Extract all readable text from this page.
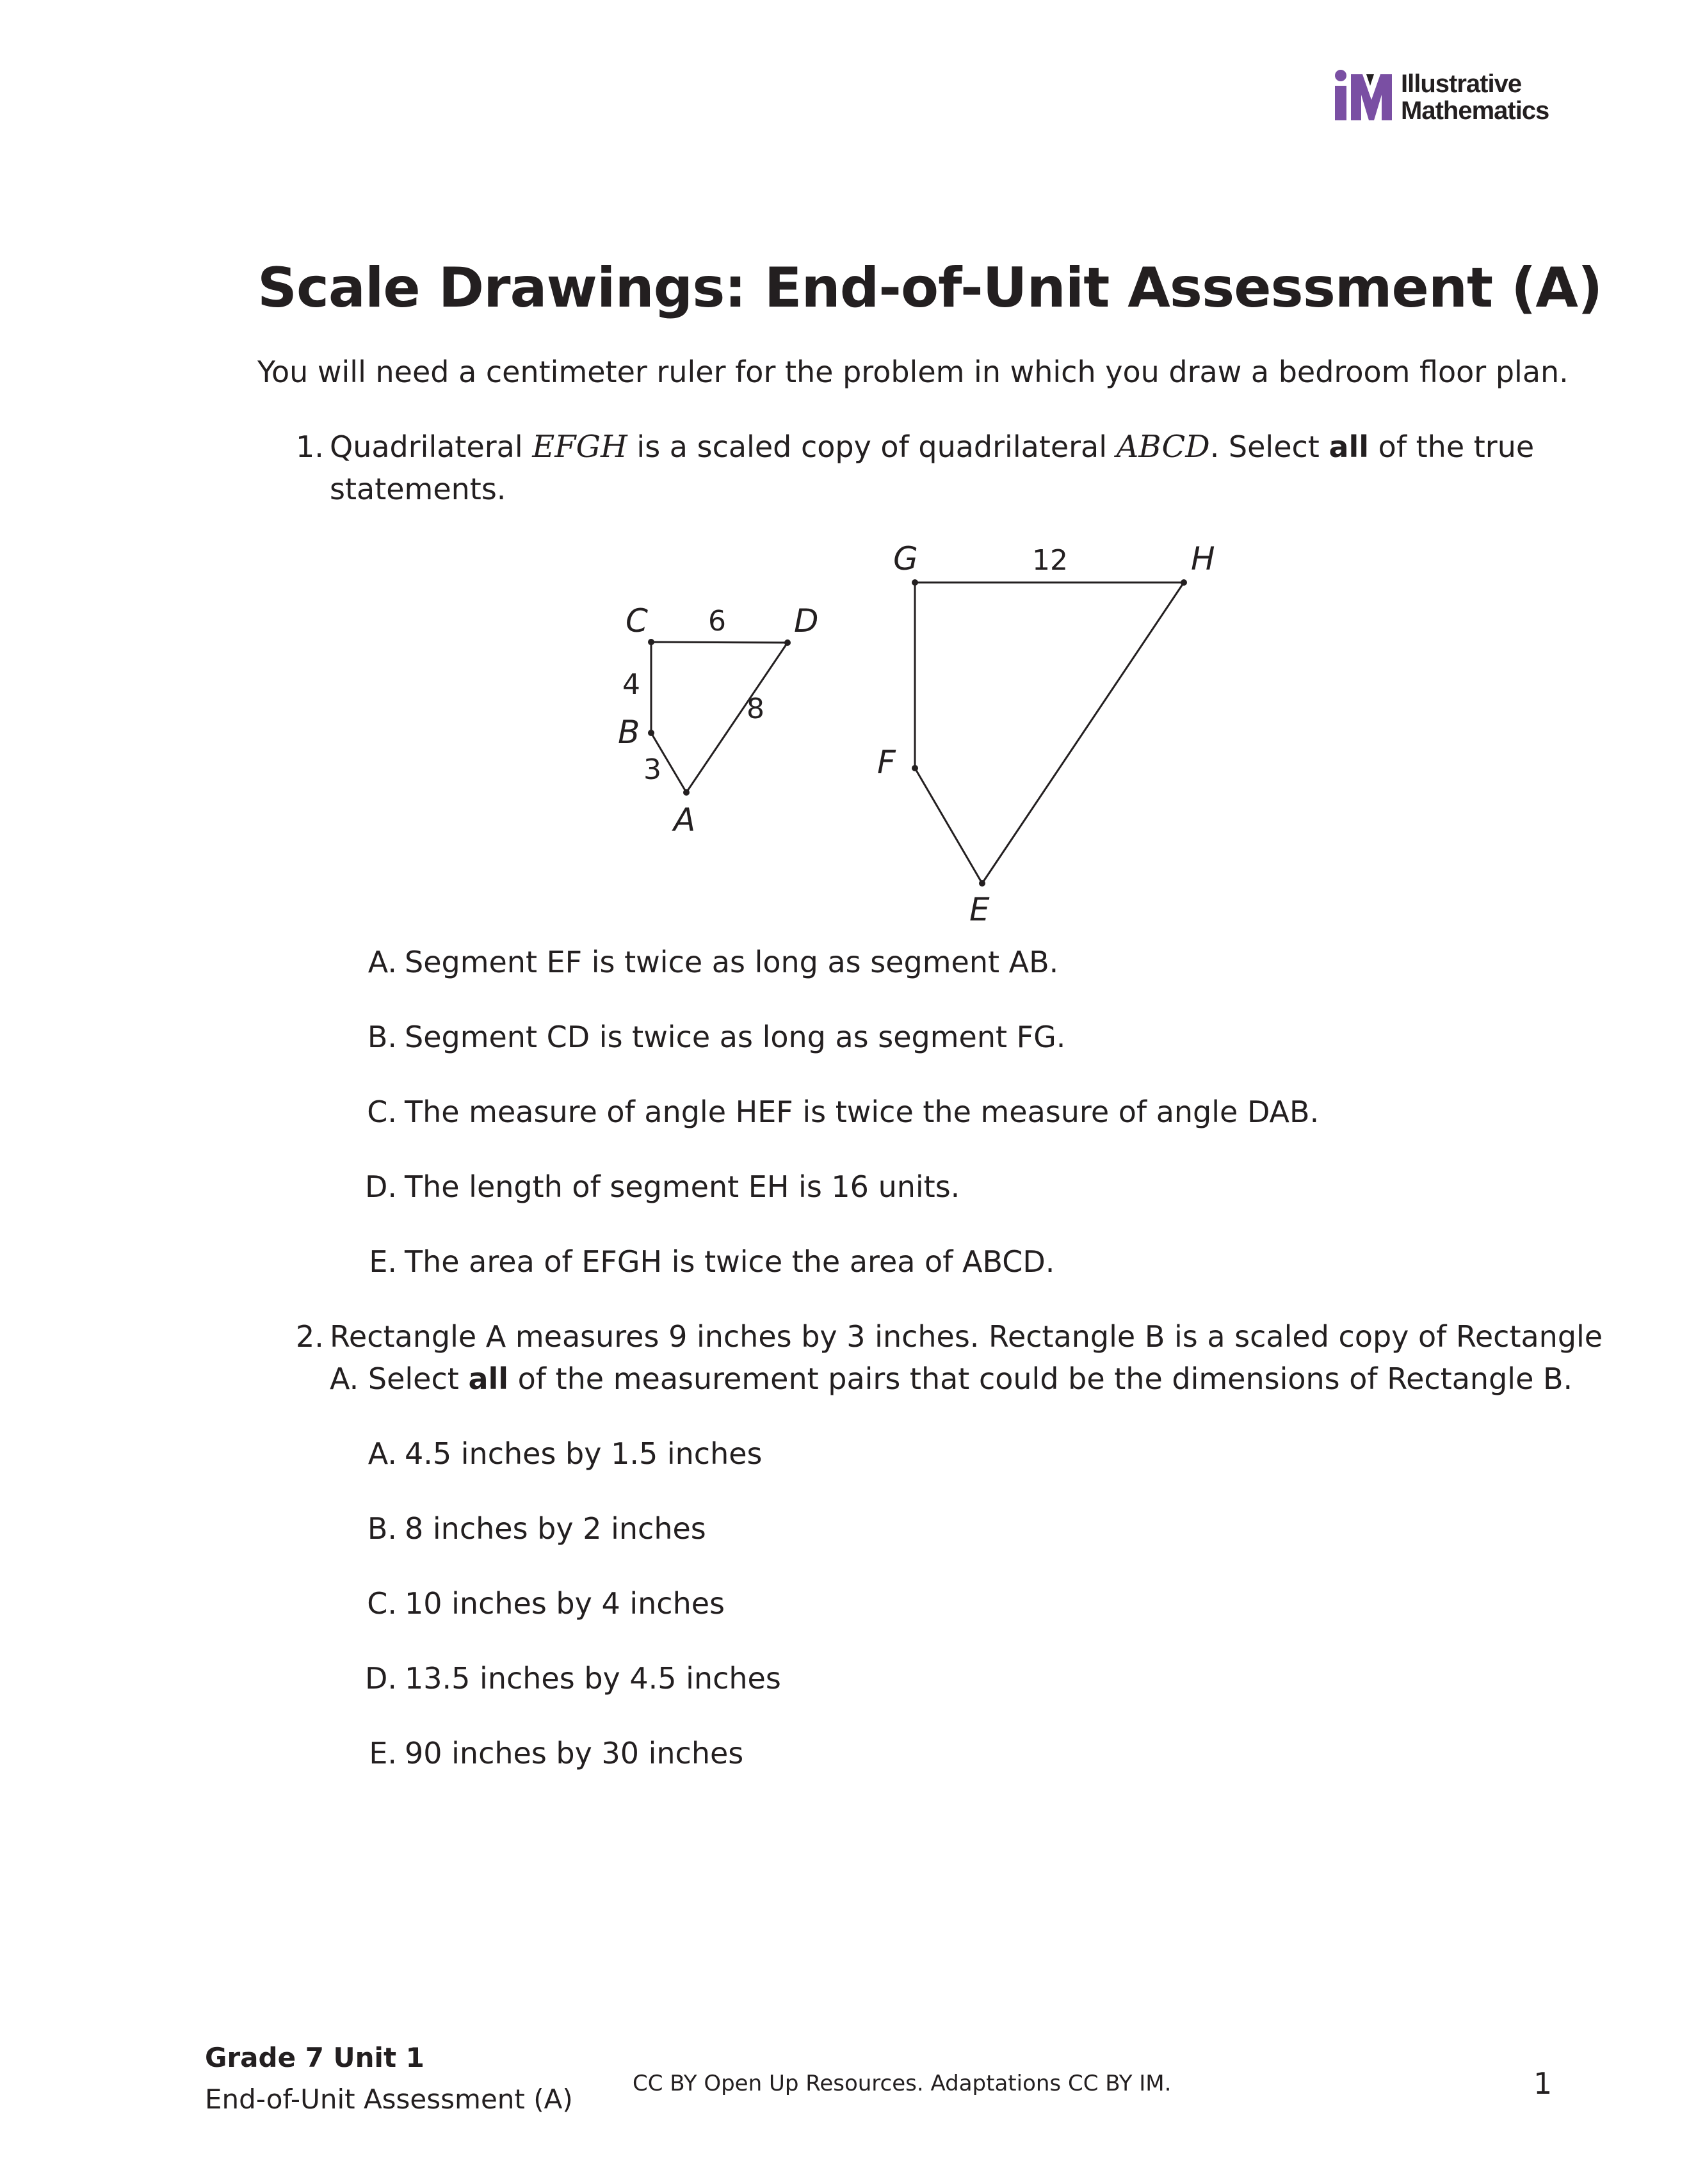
Illustrative
Mathematics
Scale Drawings: End-of-Unit Assessment (A)
You will need a centimeter ruler for the problem in which you draw a bedroom floor plan.
1. Quadrilateral EFGH is a scaled copy of quadrilateral ABCD. Select all of the true
statements.
C	D
B
A
G	H
F
E
6
4
8
3
12
A. Segment EF is twice as long as segment AB.
B. Segment CD is twice as long as segment FG.
C. The measure of angle HEF is twice the measure of angle DAB.
D. The length of segment EH is 16 units.
E. The area of EFGH is twice the area of ABCD.
2. Rectangle A measures 9 inches by 3 inches. Rectangle B is a scaled copy of Rectangle
A. Select all of the measurement pairs that could be the dimensions of Rectangle B.
A. 4.5 inches by 1.5 inches
B. 8 inches by 2 inches
C. 10 inches by 4 inches
D. 13.5 inches by 4.5 inches
E. 90 inches by 30 inches
Grade 7 Unit 1
End-of-Unit Assessment (A)	CC BY Open Up Resources. Adaptations CC BY IM.	1
